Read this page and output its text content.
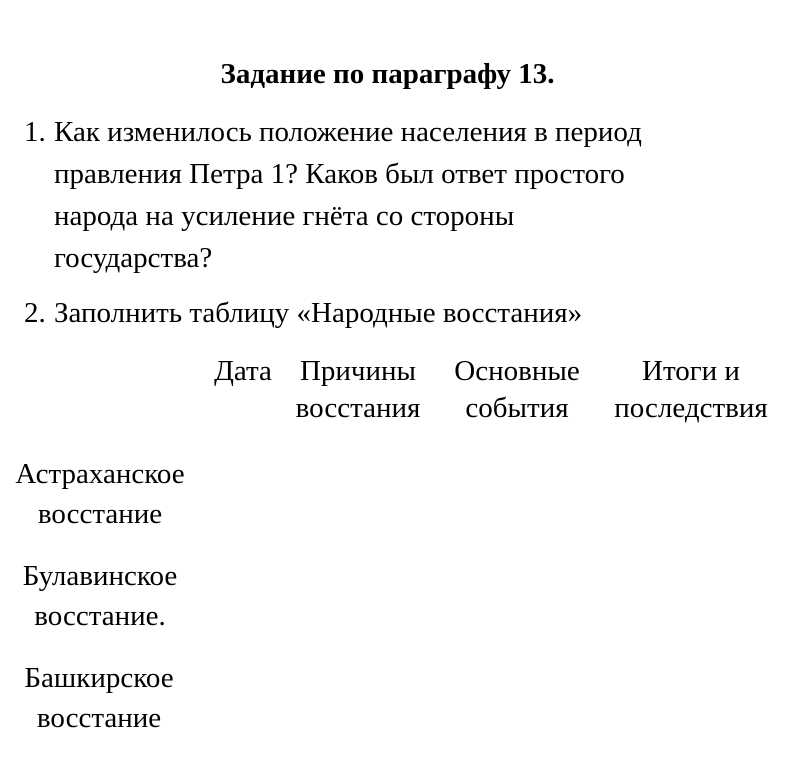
Задание по параграфу 13.
1. Как изменилось положение населения в период
правления Петра 1? Каков был ответ простого
народа на усиление гнёта со стороны
государства?
2. Заполнить таблицу «Народные восстания»
Дата Причины
восстания
Основные
события
Итоги и
последствия
Астраханское
восстание
Булавинское
восстание.
Башкирское
восстание
